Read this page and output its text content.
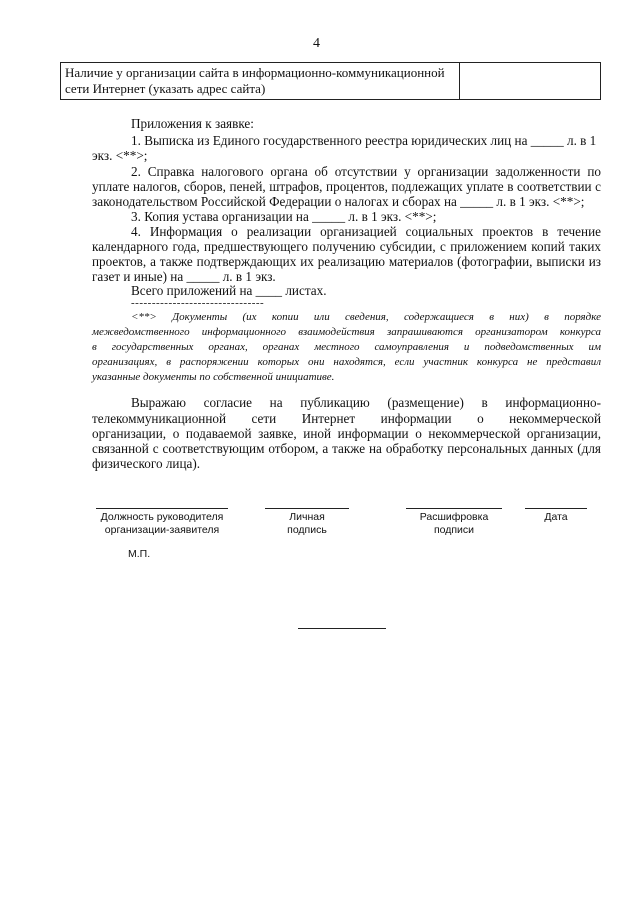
4
Наличие у организации сайта в информационно-коммуникационной
сети Интернет (указать адрес сайта)

Приложения к заявке:
1. Выписка из Единого государственного реестра юридических лиц на _____ л. в 1
экз. <**>;
2. Справка налогового органа об отсутствии у организации задолженности по
уплате налогов, сборов, пеней, штрафов, процентов, подлежащих уплате в соответствии с
законодательством Российской Федерации о налогах и сборах на _____ л. в 1 экз. <**>;
3. Копия устава организации на _____ л. в 1 экз. <**>;
4. Информация о реализации организацией социальных проектов в течение
календарного года, предшествующего получению субсидии, с приложением копий таких
проектов, а также подтверждающих их реализацию материалов (фотографии, выписки из
газет и иные) на _____ л. в 1 экз.
Всего приложений на ____ листах.
--------------------------------
<**> Документы (их копии или сведения, содержащиеся в них) в порядке
межведомственного информационного взаимодействия запрашиваются организатором конкурса
в государственных органах, органах местного самоуправления и подведомственных им
организациях, в распоряжении которых они находятся, если участник конкурса не представил
указанные документы по собственной инициативе.
Выражаю согласие на публикацию (размещение) в информационно-
телекоммуникационной сети Интернет информации о некоммерческой
организации, о подаваемой заявке, иной информации о некоммерческой организации,
связанной с соответствующим отбором, а также на обработку персональных данных (для
физического лица).
Должность руководителя
организации-заявителя
Личная
подпись
Расшифровка
подписи
Дата
М.П.
